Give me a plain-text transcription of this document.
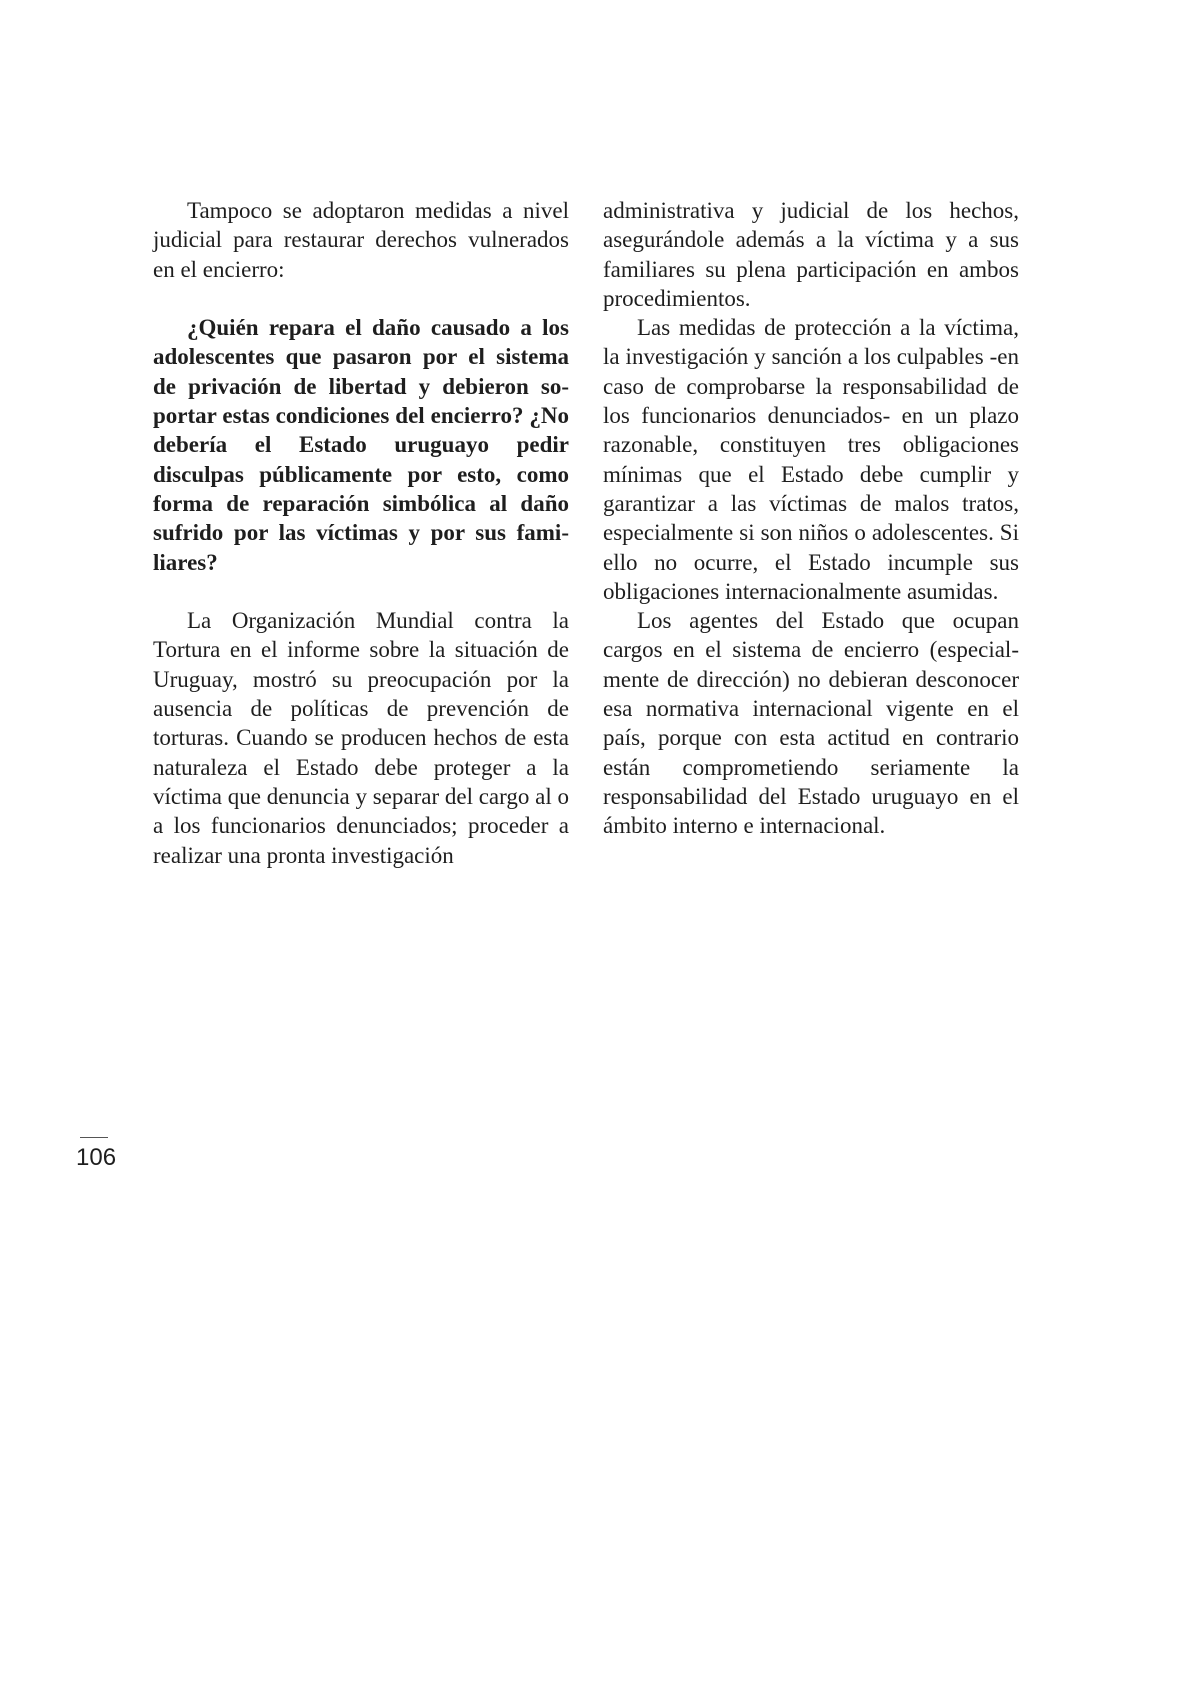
Tampoco se adoptaron medidas a nivel judicial para restaurar derechos vulnerados en el encierro:

¿Quién repara el daño causado a los adolescentes que pasaron por el sistema de privación de libertad y debieron soportar estas condiciones del encierro? ¿No debería el Estado uruguayo pedir disculpas públicamente por esto, como forma de reparación simbólica al daño sufrido por las víctimas y por sus familiares?

La Organización Mundial contra la Tortura en el informe sobre la situación de Uruguay, mostró su preocupación por la ausencia de políticas de prevención de torturas. Cuando se producen hechos de esta naturaleza el Estado debe proteger a la víctima que denuncia y separar del cargo al o a los funcionarios denunciados; proceder a realizar una pronta investigación

administrativa y judicial de los hechos, asegurándole además a la víctima y a sus familiares su plena participación en ambos procedimientos.

Las medidas de protección a la víctima, la investigación y sanción a los culpables -en caso de comprobarse la responsabilidad de los funcionarios denunciados- en un plazo razonable, constituyen tres obligaciones mínimas que el Estado debe cumplir y garantizar a las víctimas de malos tratos, especialmente si son niños o adolescentes. Si ello no ocurre, el Estado incumple sus obligaciones internacionalmente asumidas.

Los agentes del Estado que ocupan cargos en el sistema de encierro (especialmente de dirección) no debieran desconocer esa normativa internacional vigente en el país, porque con esta actitud en contrario están comprometiendo seriamente la responsabilidad del Estado uruguayo en el ámbito interno e internacional.

106
